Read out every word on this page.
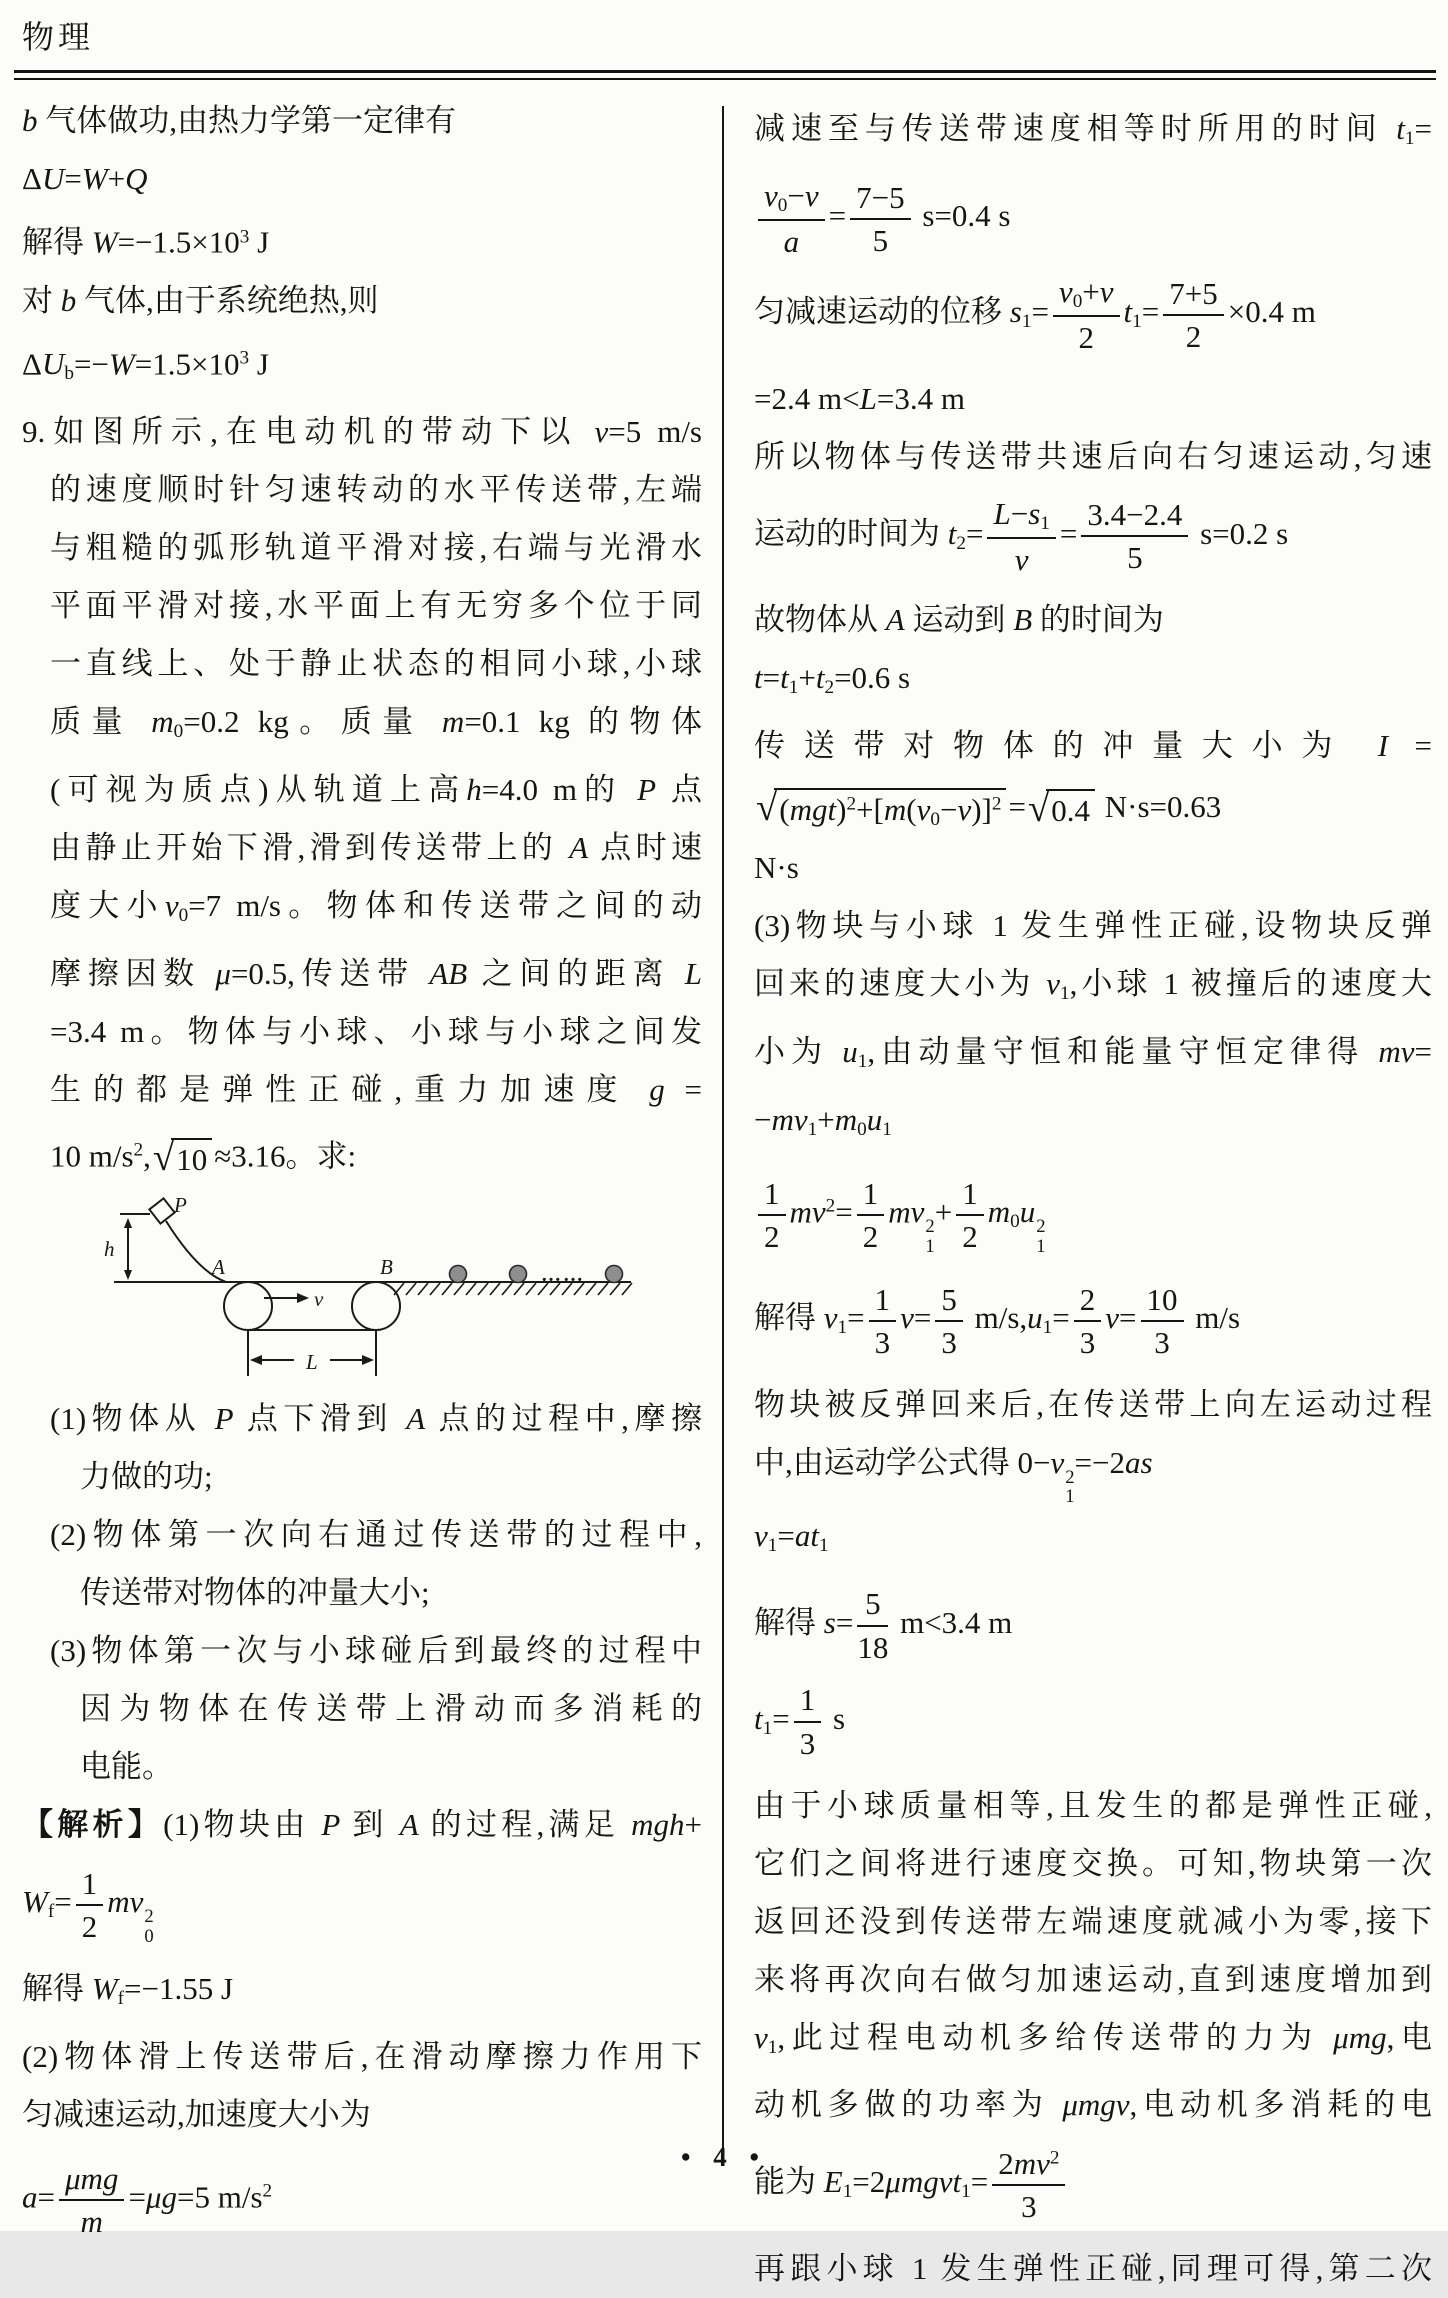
物理
b 气体做功,由热力学第一定律有
ΔU=W+Q
解得 $W=-1.5\times 10^3$ J
对 b 气体,由于系统绝热,则
$\Delta Ub=-W=1.5\times 10^3$ J
9.如图所示,在电动机的带动下以 v=5 m/s
的速度顺时针匀速转动的水平传送带,左端
与粗糙的弧形轨道平滑对接,右端与光滑水
平面平滑对接,水平面上有无穷多个位于同
一直线上、处于静止状态的相同小球,小球
质量 m0=0.2 kg。质量 m=0.1 kg 的物体
(可视为质点)从轨道上高h=4.0 m的 P 点
由静止开始下滑,滑到传送带上的 A 点时速
度大小v0=7 m/s。物体和传送带之间的动
摩擦因数 μ=0.5,传送带 AB 之间的距离 L
=3.4 m。物体与小球、小球与小球之间发
生的都是弹性正碰,重力加速度 g =
10 $m/s^2$, √ 10 ≈3.16。求:
P
h
A	B
v
L
……
(1)物体从 P 点下滑到 A 点的过程中,摩擦
力做的功;
(2)物体第一次向右通过传送带的过程中,
传送带对物体的冲量大小;
(3)物体第一次与小球碰后到最终的过程中
因为物体在传送带上滑动而多消耗的
电能。
【解析】(1)物块由 P 到 A 的过程,满足 mgh+
$Wf= \frac{1}{2}$ mv 2
0
解得 Wf=−1.55 J
(2)物体滑上传送带后,在滑动摩擦力作用下
匀减速运动,加速度大小为
$a= \frac{\text{μmg}}{m} =\mu g=5$ $m/s^2$
减速至与传送带速度相等时所用的时间 t1=
$\frac{v0-v}{a} = \frac{7-5}{5} s=0.4$ s
匀减速运动的位移 $s1= \frac{v0+v}{2} t1= \frac{7+5}{2} \times 0.4$ m
=2.4 m<L=3.4 m
所以物体与传送带共速后向右匀速运动,匀速
运动的时间为 $t2= \frac{L-s1}{v} = \frac{3.4-2.4}{5} s=0.2$ s
故物体从 A 运动到 B 的时间为
t=t1+t2=0.6 s
传送带对物体的冲量大小为 I =
√ $(mgt)^2+[m(v0-v)]^2$ = √ 0.4 N·s=0.63
N·s
(3)物块与小球 1 发生弹性正碰,设物块反弹
回来的速度大小为 v1,小球 1 被撞后的速度大
小为 u1,由动量守恒和能量守恒定律得 mv=
−mv1+m0u1
$\frac{1}{2} mv^2= \frac{1}{2}$ mv 2
1
+ $\frac{1}{2} m0u$ 2
1
解得 $v1= \frac{1}{3} v= \frac{5}{3} m/s,u1= \frac{2}{3} v= \frac{10}{3} m/s$
物块被反弹回来后,在传送带上向左运动过程
中,由运动学公式得 0−v 2
1
=−2as
v1=at1
解得 $s= \frac{5}{18} m<3.4$ m
$t1= \frac{1}{3}$ s
由于小球质量相等,且发生的都是弹性正碰,
它们之间将进行速度交换。可知,物块第一次
返回还没到传送带左端速度就减小为零,接下
来将再次向右做匀加速运动,直到速度增加到
v1,此过程电动机多给传送带的力为 μmg,电
动机多做的功率为 μmgv,电动机多消耗的电
能为 E1=2μmgvt1= $\frac{2mv^2}{3}$
再跟小球 1 发生弹性正碰,同理可得,第二次
• 4 •
